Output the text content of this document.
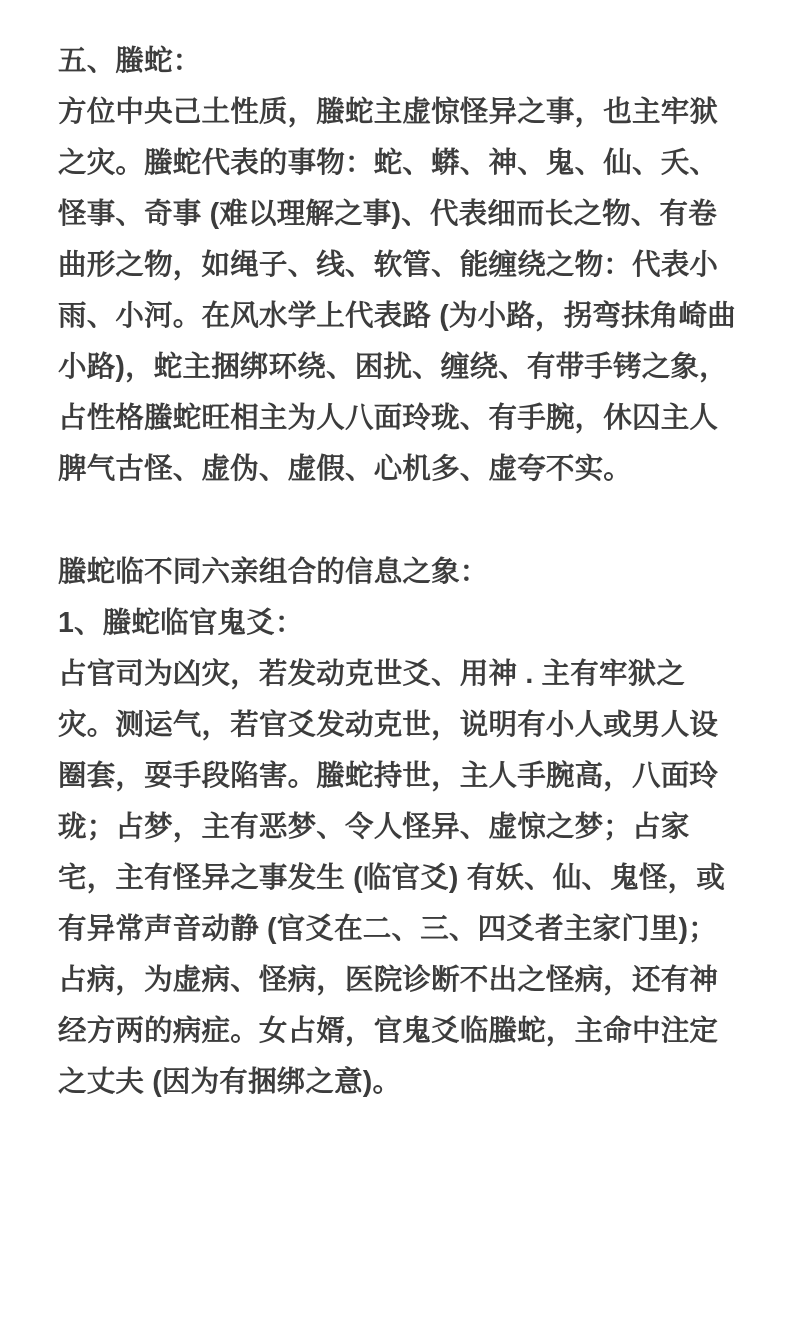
五、螣蛇：

方位中央己土性质，螣蛇主虚惊怪异之事，也主牢狱之灾。螣蛇代表的事物：蛇、蟒、神、鬼、仙、夭、怪事、奇事 (难以理解之事)、代表细而长之物、有卷曲形之物，如绳子、线、软管、能缠绕之物：代表小雨、小河。在风水学上代表路 (为小路，拐弯抹角崎曲小路)，蛇主捆绑环绕、困扰、缠绕、有带手铐之象，占性格螣蛇旺相主为人八面玲珑、有手腕，休囚主人脾气古怪、虚伪、虚假、心机多、虚夸不实。

螣蛇临不同六亲组合的信息之象：
1、螣蛇临官鬼爻：

占官司为凶灾，若发动克世爻、用神 . 主有牢狱之灾。测运气，若官爻发动克世，说明有小人或男人设圈套，耍手段陷害。螣蛇持世，主人手腕高，八面玲珑；占梦，主有恶梦、令人怪异、虚惊之梦；占家宅，主有怪异之事发生 (临官爻) 有妖、仙、鬼怪，或有异常声音动静 (官爻在二、三、四爻者主家门里)；占病，为虚病、怪病，医院诊断不出之怪病，还有神经方两的病症。女占婿，官鬼爻临螣蛇，主命中注定之丈夫 (因为有捆绑之意)。
